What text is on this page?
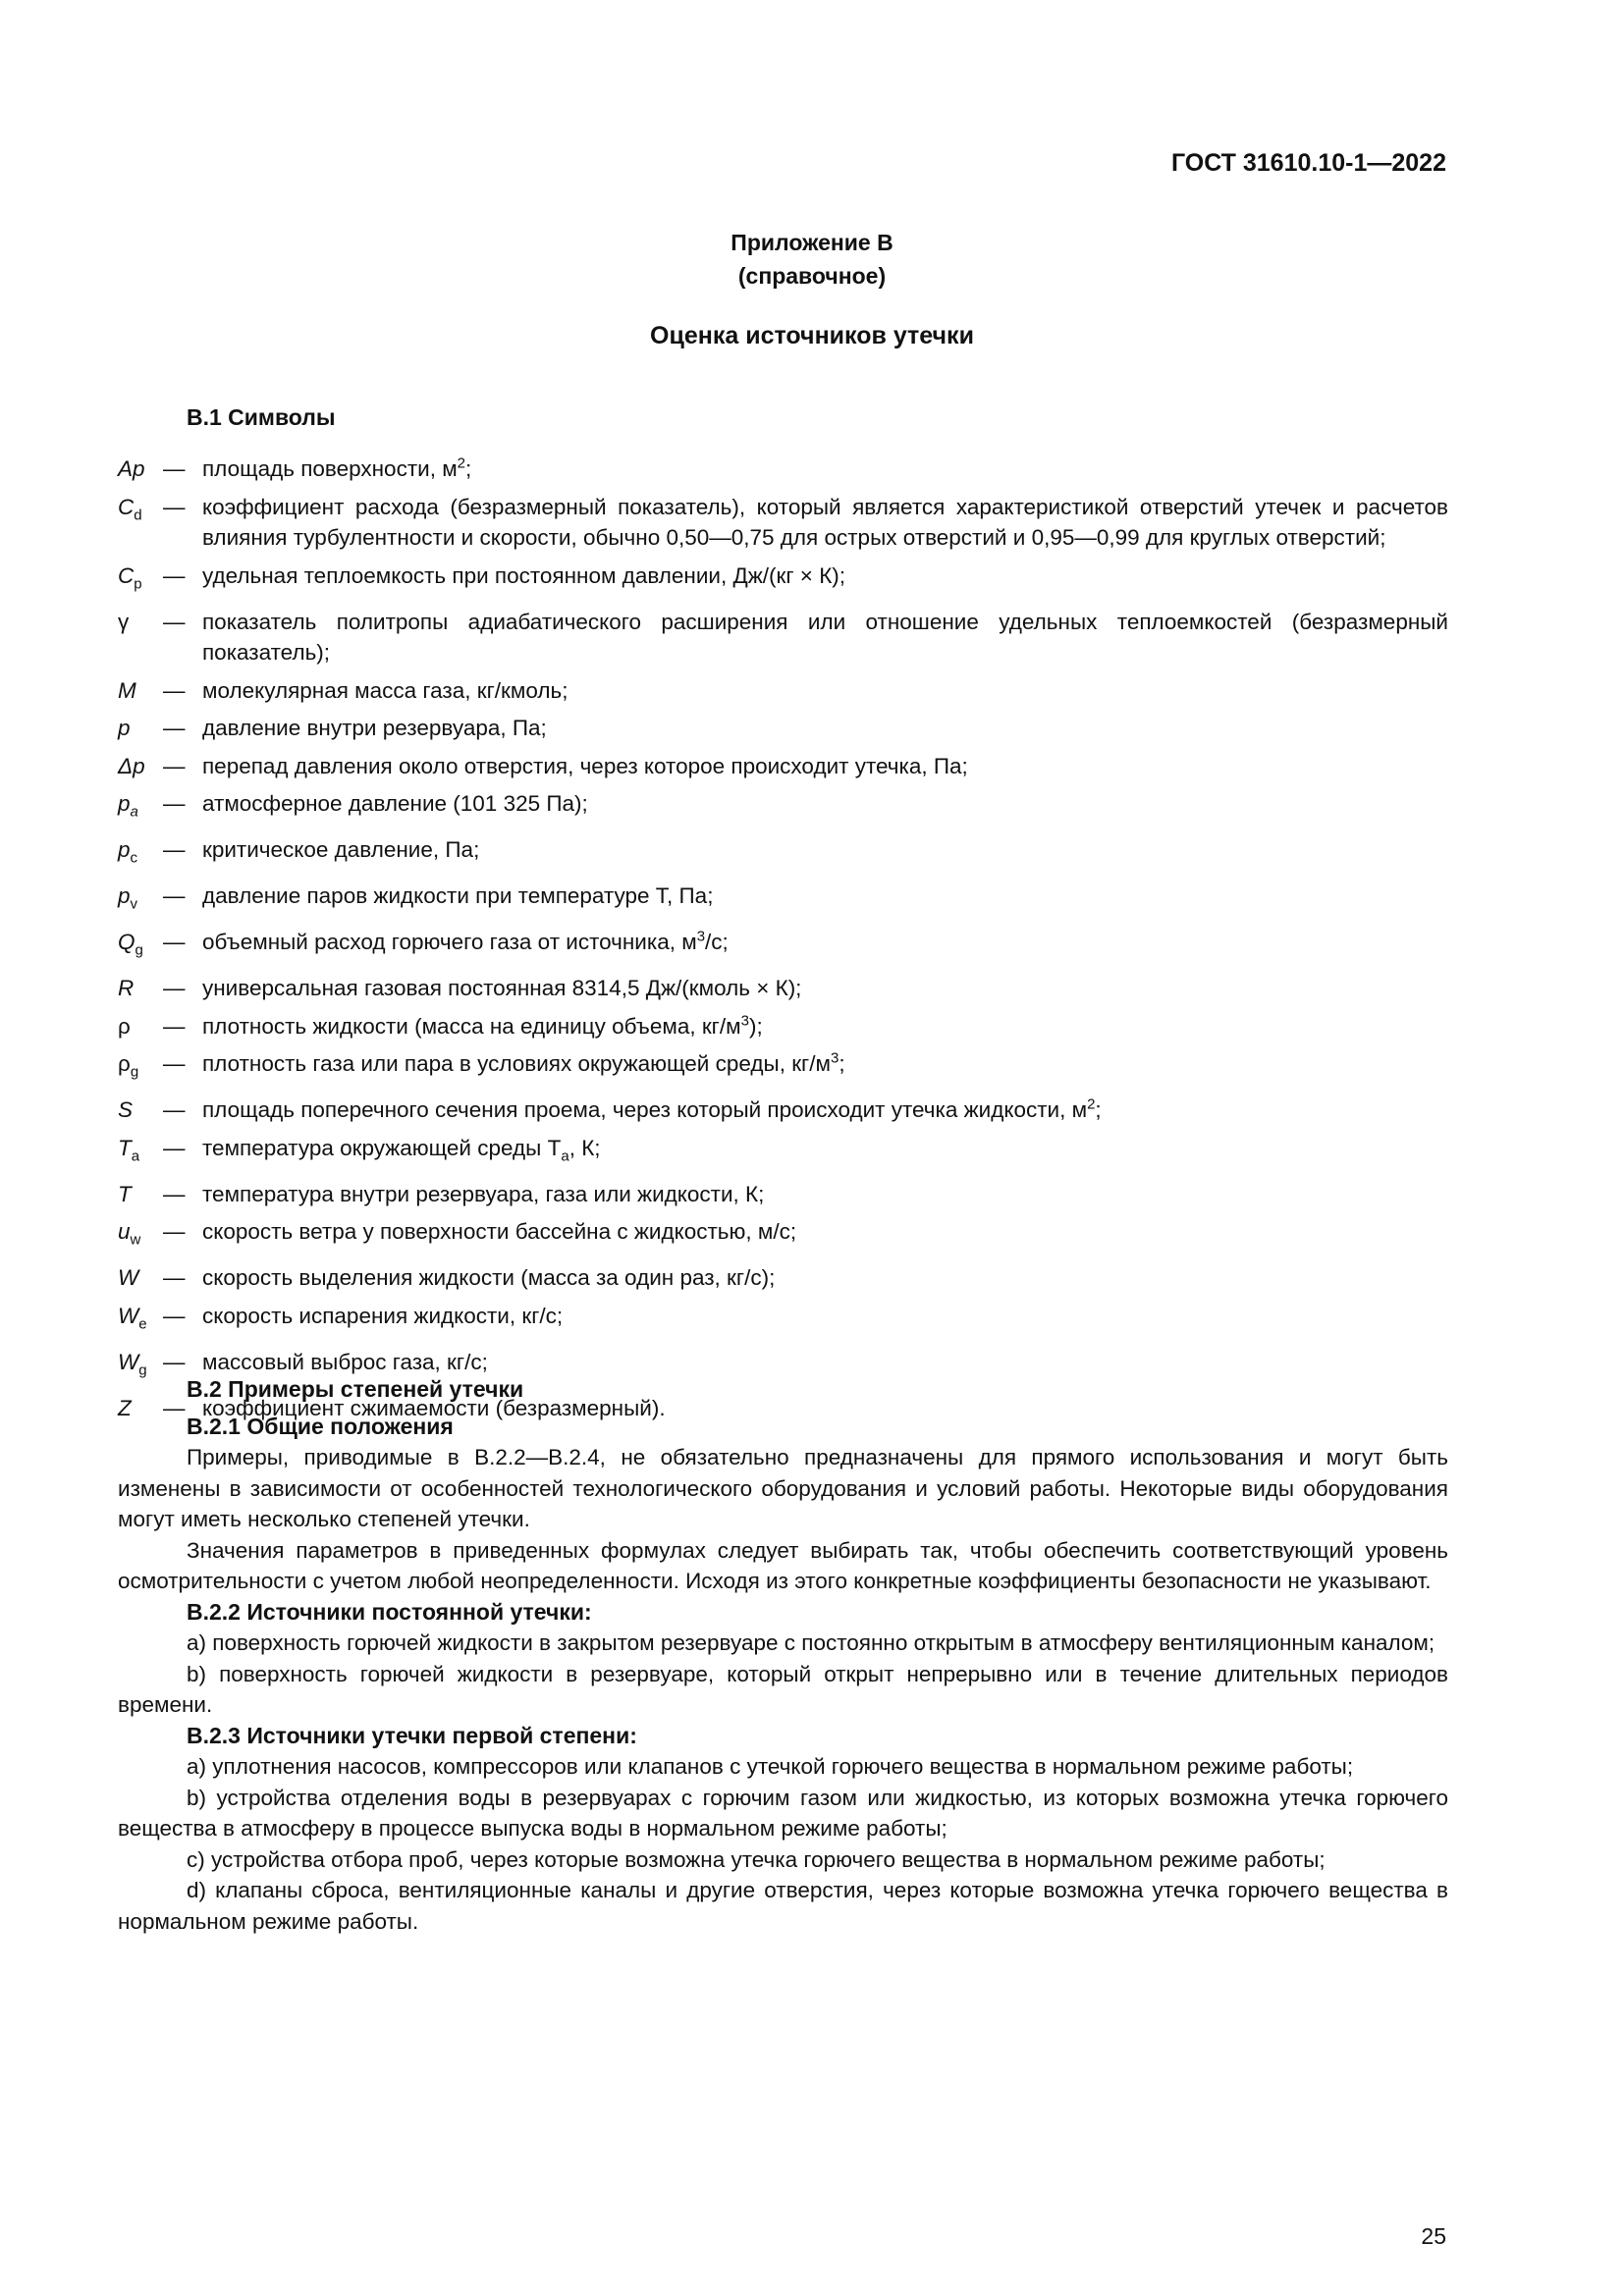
ГОСТ 31610.10-1—2022
Приложение В
(справочное)
Оценка источников утечки
В.1 Символы
Ap — площадь поверхности, $м^2$;
$C_d$ — коэффициент расхода (безразмерный показатель), который является характеристикой отверстий утечек и расчетов влияния турбулентности и скорости, обычно 0,50—0,75 для острых отверстий и 0,95—0,99 для круглых отверстий;
$C_p$ — удельная теплоемкость при постоянном давлении, Дж/(кг × К);
γ	— показатель политропы адиабатического расширения или отношение удельных теплоемкостей (безразмерный показатель);
M	— молекулярная масса газа, кг/кмоль;
p	— давление внутри резервуара, Па;
Δp — перепад давления около отверстия, через которое происходит утечка, Па;
$p_a$	— атмосферное давление (101 325 Па);
$p_c$	— критическое давление, Па;
$p_v$	— давление паров жидкости при температуре Т, Па;
$Q_g$ — объемный расход горючего газа от источника, $м^3/с$;
R	— универсальная газовая постоянная 8314,5 Дж/(кмоль × К);
ρ	— плотность жидкости (масса на единицу объема, $кг/м^3$);
$\rho_g$	— плотность газа или пара в условиях окружающей среды, $кг/м^3$;
S	— площадь поперечного сечения проема, через который происходит утечка жидкости, $м^2$;
$T_a$	— температура окружающей среды $T_a$, К;
T	— температура внутри резервуара, газа или жидкости, К;
$u_w$	— скорость ветра у поверхности бассейна с жидкостью, м/с;
W	— скорость выделения жидкости (масса за один раз, кг/с);
$W_e$ — скорость испарения жидкости, кг/с;
$W_g$ — массовый выброс газа, кг/с;
Z	— коэффициент сжимаемости (безразмерный).
В.2 Примеры степеней утечки
В.2.1 Общие положения
Примеры, приводимые в В.2.2—В.2.4, не обязательно предназначены для прямого использования и могут быть изменены в зависимости от особенностей технологического оборудования и условий работы. Некоторые виды оборудования могут иметь несколько степеней утечки.
Значения параметров в приведенных формулах следует выбирать так, чтобы обеспечить соответствующий уровень осмотрительности с учетом любой неопределенности. Исходя из этого конкретные коэффициенты безопасности не указывают.
В.2.2 Источники постоянной утечки:
a) поверхность горючей жидкости в закрытом резервуаре с постоянно открытым в атмосферу вентиляционным каналом;
b) поверхность горючей жидкости в резервуаре, который открыт непрерывно или в течение длительных периодов времени.
В.2.3 Источники утечки первой степени:
a) уплотнения насосов, компрессоров или клапанов с утечкой горючего вещества в нормальном режиме работы;
b) устройства отделения воды в резервуарах с горючим газом или жидкостью, из которых возможна утечка горючего вещества в атмосферу в процессе выпуска воды в нормальном режиме работы;
c) устройства отбора проб, через которые возможна утечка горючего вещества в нормальном режиме работы;
d) клапаны сброса, вентиляционные каналы и другие отверстия, через которые возможна утечка горючего вещества в нормальном режиме работы.
25
